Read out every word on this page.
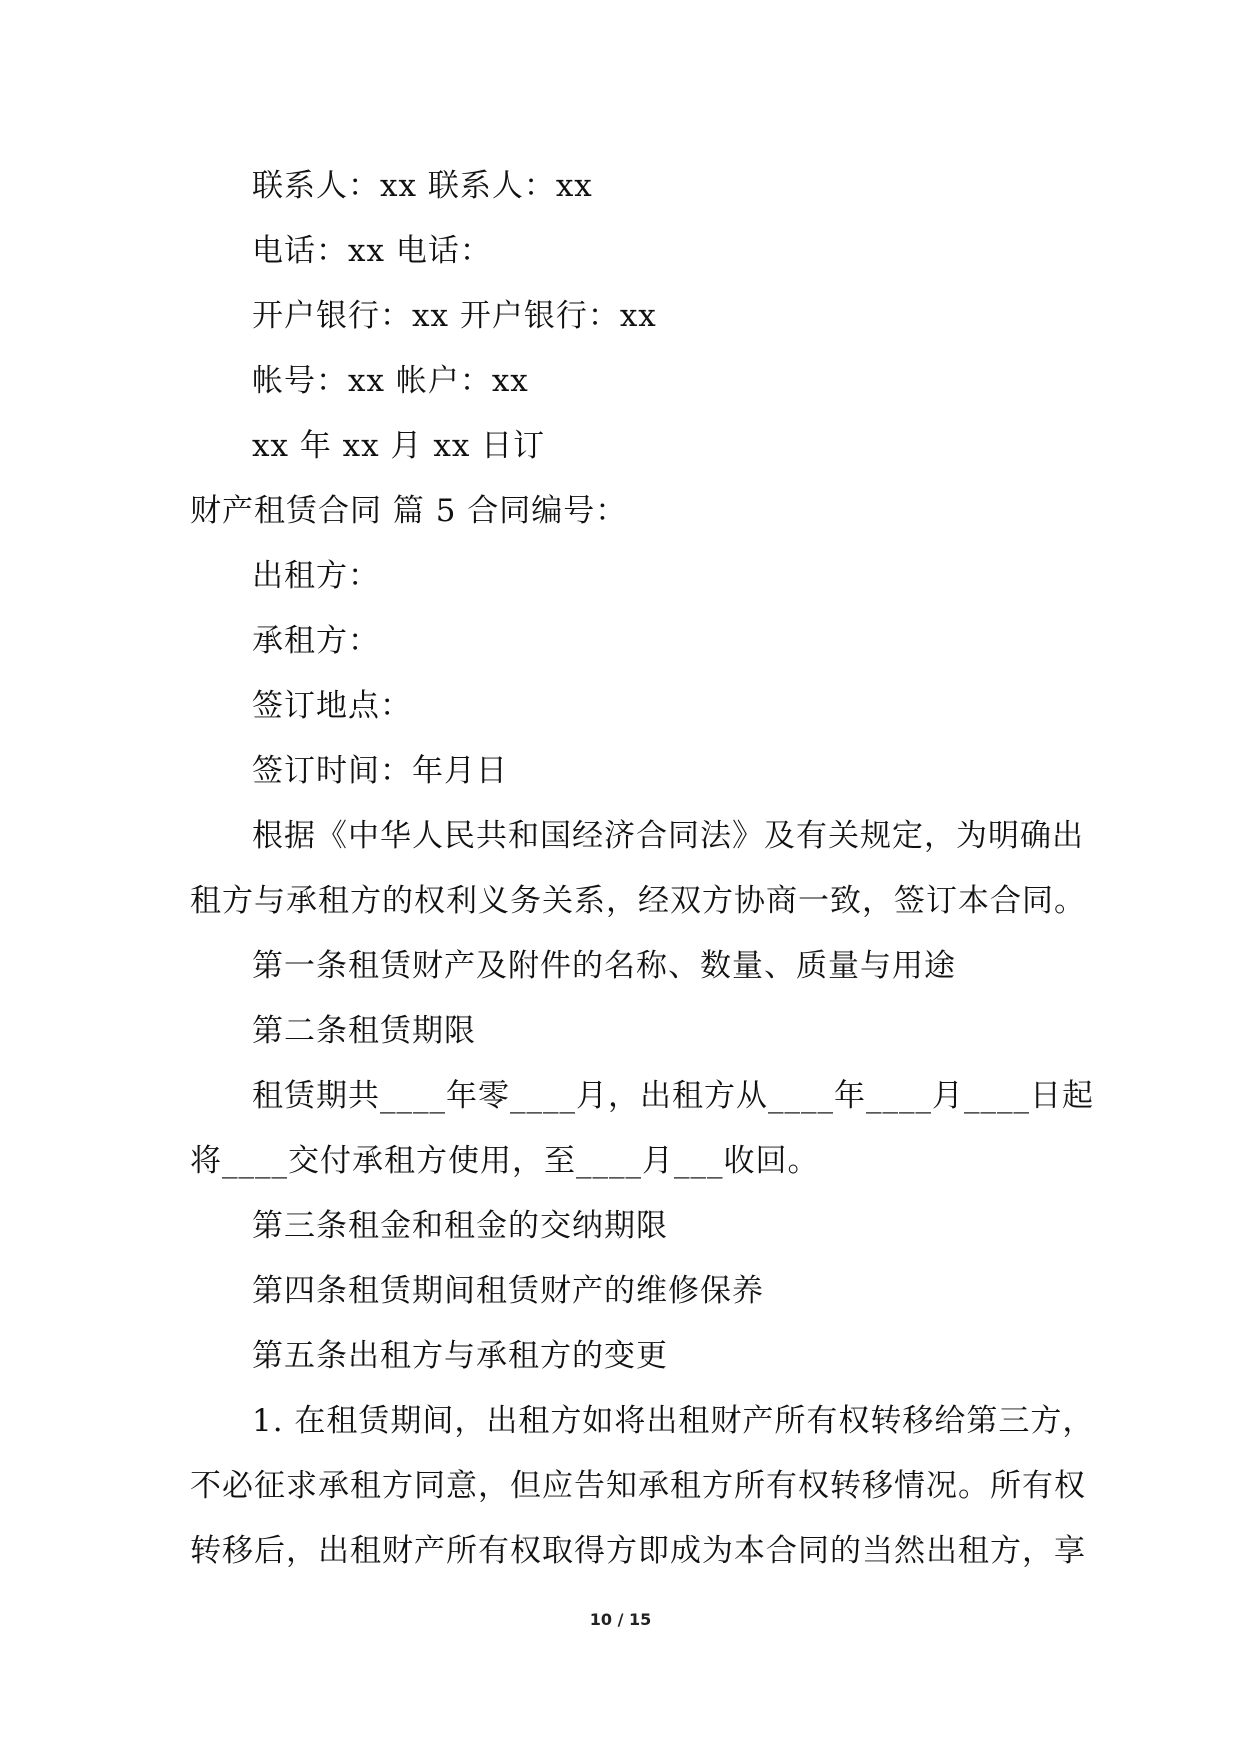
联系人：xx 联系人：xx
电话：xx 电话：
开户银行：xx 开户银行：xx
帐号：xx 帐户：xx
xx 年 xx 月 xx 日订
财产租赁合同 篇 5 合同编号：
出租方：
承租方：
签订地点：
签订时间：年月日
根据《中华人民共和国经济合同法》及有关规定，为明确出
租方与承租方的权利义务关系，经双方协商一致，签订本合同。
第一条租赁财产及附件的名称、数量、质量与用途
第二条租赁期限
租赁期共____年零____月，出租方从____年____月____日起
将____交付承租方使用，至____月___收回。
第三条租金和租金的交纳期限
第四条租赁期间租赁财产的维修保养
第五条出租方与承租方的变更
1. 在租赁期间，出租方如将出租财产所有权转移给第三方，
不必征求承租方同意，但应告知承租方所有权转移情况。所有权
转移后，出租财产所有权取得方即成为本合同的当然出租方，享
10 / 15
